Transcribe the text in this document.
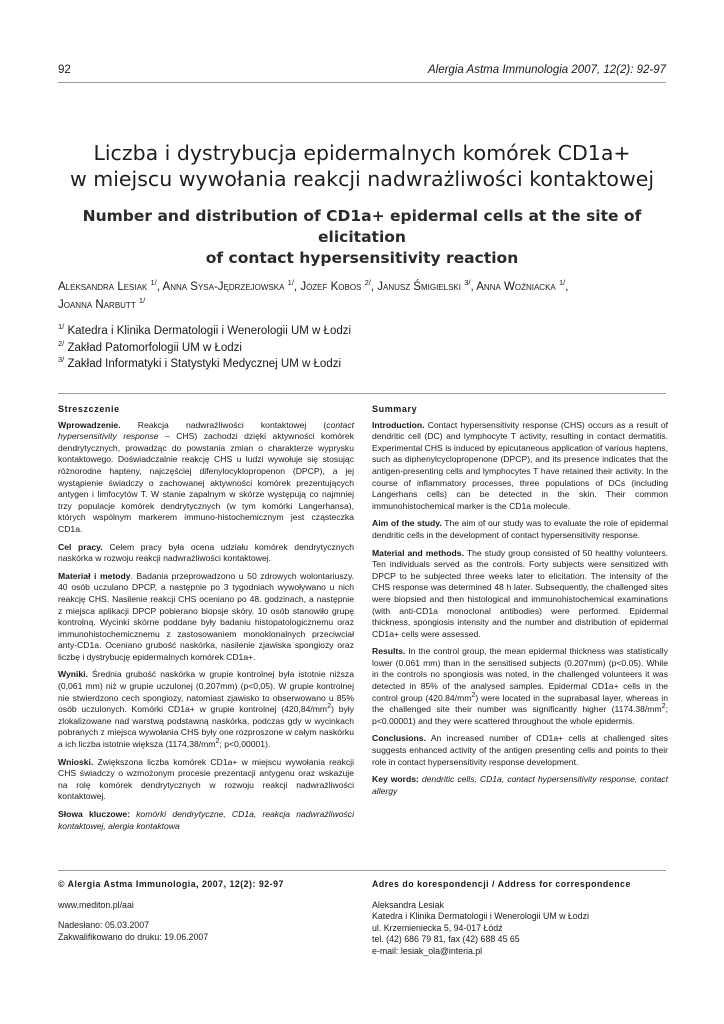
92	Alergia Astma Immunologia 2007, 12(2): 92-97
Liczba i dystrybucja epidermalnych komórek CD1a+
w miejscu wywołania reakcji nadwrażliwości kontaktowej
Number and distribution of CD1a+ epidermal cells at the site of elicitation
of contact hypersensitivity reaction
Aleksandra Lesiak $^{1/}$, Anna Sysa-Jędrzejowska $^{1/}$, Józef Kobos $^{2/}$, Janusz Śmigielski $^{3/}$, Anna Woźniacka $^{1/}$,
Joanna Narbutt $^{1/}$
$^{1/}$ Katedra i Klinika Dermatologii i Wenerologii UM w Łodzi
$^{2/}$ Zakład Patomorfologii UM w Łodzi
$^{3/}$ Zakład Informatyki i Statystyki Medycznej UM w Łodzi
Streszczenie

Wprowadzenie. Reakcja nadwrażliwości kontaktowej (contact hypersensitivity response – CHS) zachodzi dzięki aktywności komórek dendrytycznych, prowadząc do powstania zmian o charakterze wyprysku kontaktowego. Doświadczalnie reakcję CHS u ludzi wywołuje się stosując różnorodne hapteny, najczęściej difenylocyklopropenon (DPCP), a jej wystąpienie świadczy o zachowanej aktywności komórek prezentujących antygen i limfocytów T. W stanie zapalnym w skórze występują co najmniej trzy populacje komórek dendrytycznych (w tym komórki Langerhansa), których wspólnym markerem immuno-histochemicznym jest cząsteczka CD1a.

Cel pracy. Celem pracy była ocena udziału komórek dendrytycznych naskórka w rozwoju reakcji nadwrażliwości kontaktowej.

Materiał i metody. Badania przeprowadzono u 50 zdrowych wolontariuszy. 40 osób uczulano DPCP, a następnie po 3 tygodniach wywoływano u nich reakcję CHS. Nasilenie reakcji CHS oceniano po 48. godzinach, a następnie z miejsca aplikacji DPCP pobierano biopsje skóry. 10 osób stanowiło grupę kontrolną. Wycinki skórne poddane były badaniu histopatologicznemu oraz immunohistochemicznemu z zastosowaniem monoklonalnych przeciwciał anty-CD1a. Oceniano grubość naskórka, nasilenie zjawiska spongiozy oraz liczbę i dystrybucję epidermalnych komórek CD1a+.

Wyniki. Średnia grubość naskórka w grupie kontrolnej była istotnie niższa (0,061 mm) niż w grupie uczulonej (0.207mm) (p<0,05). W grupie kontrolnej nie stwierdzono cech spongiozy, natomiast zjawisko to obserwowano u 85% osób uczulonych. Komórki CD1a+ w grupie kontrolnej $(420,84/mm^2)$ były zlokalizowane nad warstwą podstawną naskórka, podczas gdy w wycinkach pobranych z miejsca wywołania CHS były one rozproszone w całym naskórku a ich liczba istotnie większa ($1174,38/mm^2$; p<0,00001).

Wnioski. Zwiększona liczba komórek CD1a+ w miejscu wywołania reakcji CHS świadczy o wzmożonym procesie prezentacji antygenu oraz wskazuje na rolę komórek dendrytycznych w rozwoju reakcji nadwrażliwości kontaktowej.

Słowa kluczowe: komórki dendrytyczne, CD1a, reakcja nadwrażliwości kontaktowej, alergia kontaktowa

Summary

Introduction. Contact hypersensitivity response (CHS) occurs as a result of dendritic cell (DC) and lymphocyte T activity, resulting in contact dermatitis. Experimental CHS is induced by epicutaneous application of various haptens, such as diphenylcyclopropenone (DPCP), and its presence indicates that the antigen-presenting cells and lymphocytes T have retained their activity. In the course of inflammatory processes, three populations of DCs (including Langerhans cells) can be detected in the skin. Their common immunohistochemical marker is the CD1a molecule.

Aim of the study. The aim of our study was to evaluate the role of epidermal dendritic cells in the development of contact hypersensitivity response.

Material and methods. The study group consisted of 50 healthy volunteers. Ten individuals served as the controls. Forty subjects were sensitized with DPCP to be subjected three weeks later to elicitation. The intensity of the CHS response was determined 48 h later. Subsequently, the challenged sites were biopsied and then histological and immunohistochemical examinations (with anti-CD1a monoclonal antibodies) were performed. Epidermal thickness, spongiosis intensity and the number and distribution of epidermal CD1a+ cells were assessed.

Results. In the control group, the mean epidermal thickness was statistically lower (0.061 mm) than in the sensitised subjects (0.207mm) (p<0.05). While in the controls no spongiosis was noted, in the challenged volunteers it was detected in 85% of the analysed samples. Epidermal CD1a+ cells in the control group $(420.84/mm^2)$ were located in the suprabasal layer, whereas in the challenged site their number was significantly higher ($1174.38/mm^2$; p<0.00001) and they were scattered throughout the whole epidermis.

Conclusions. An increased number of CD1a+ cells at challenged sites suggests enhanced activity of the antigen presenting cells and points to their role in contact hypersensitivity response development.

Key words: dendritic cells, CD1a, contact hypersensitivity response, contact allergy

© Alergia Astma Immunologia, 2007, 12(2): 92-97
www.mediton.pl/aai
Nadesłano: 05.03.2007
Zakwalifikowano do druku: 19.06.2007
Adres do korespondencji / Address for correspondence
Aleksandra Lesiak
Katedra i Klinika Dermatologii i Wenerologii UM w Łodzi
ul. Krzemieniecka 5, 94-017 Łódź
tel. (42) 686 79 81, fax (42) 688 45 65
e-mail: lesiak_ola@interia.pl
